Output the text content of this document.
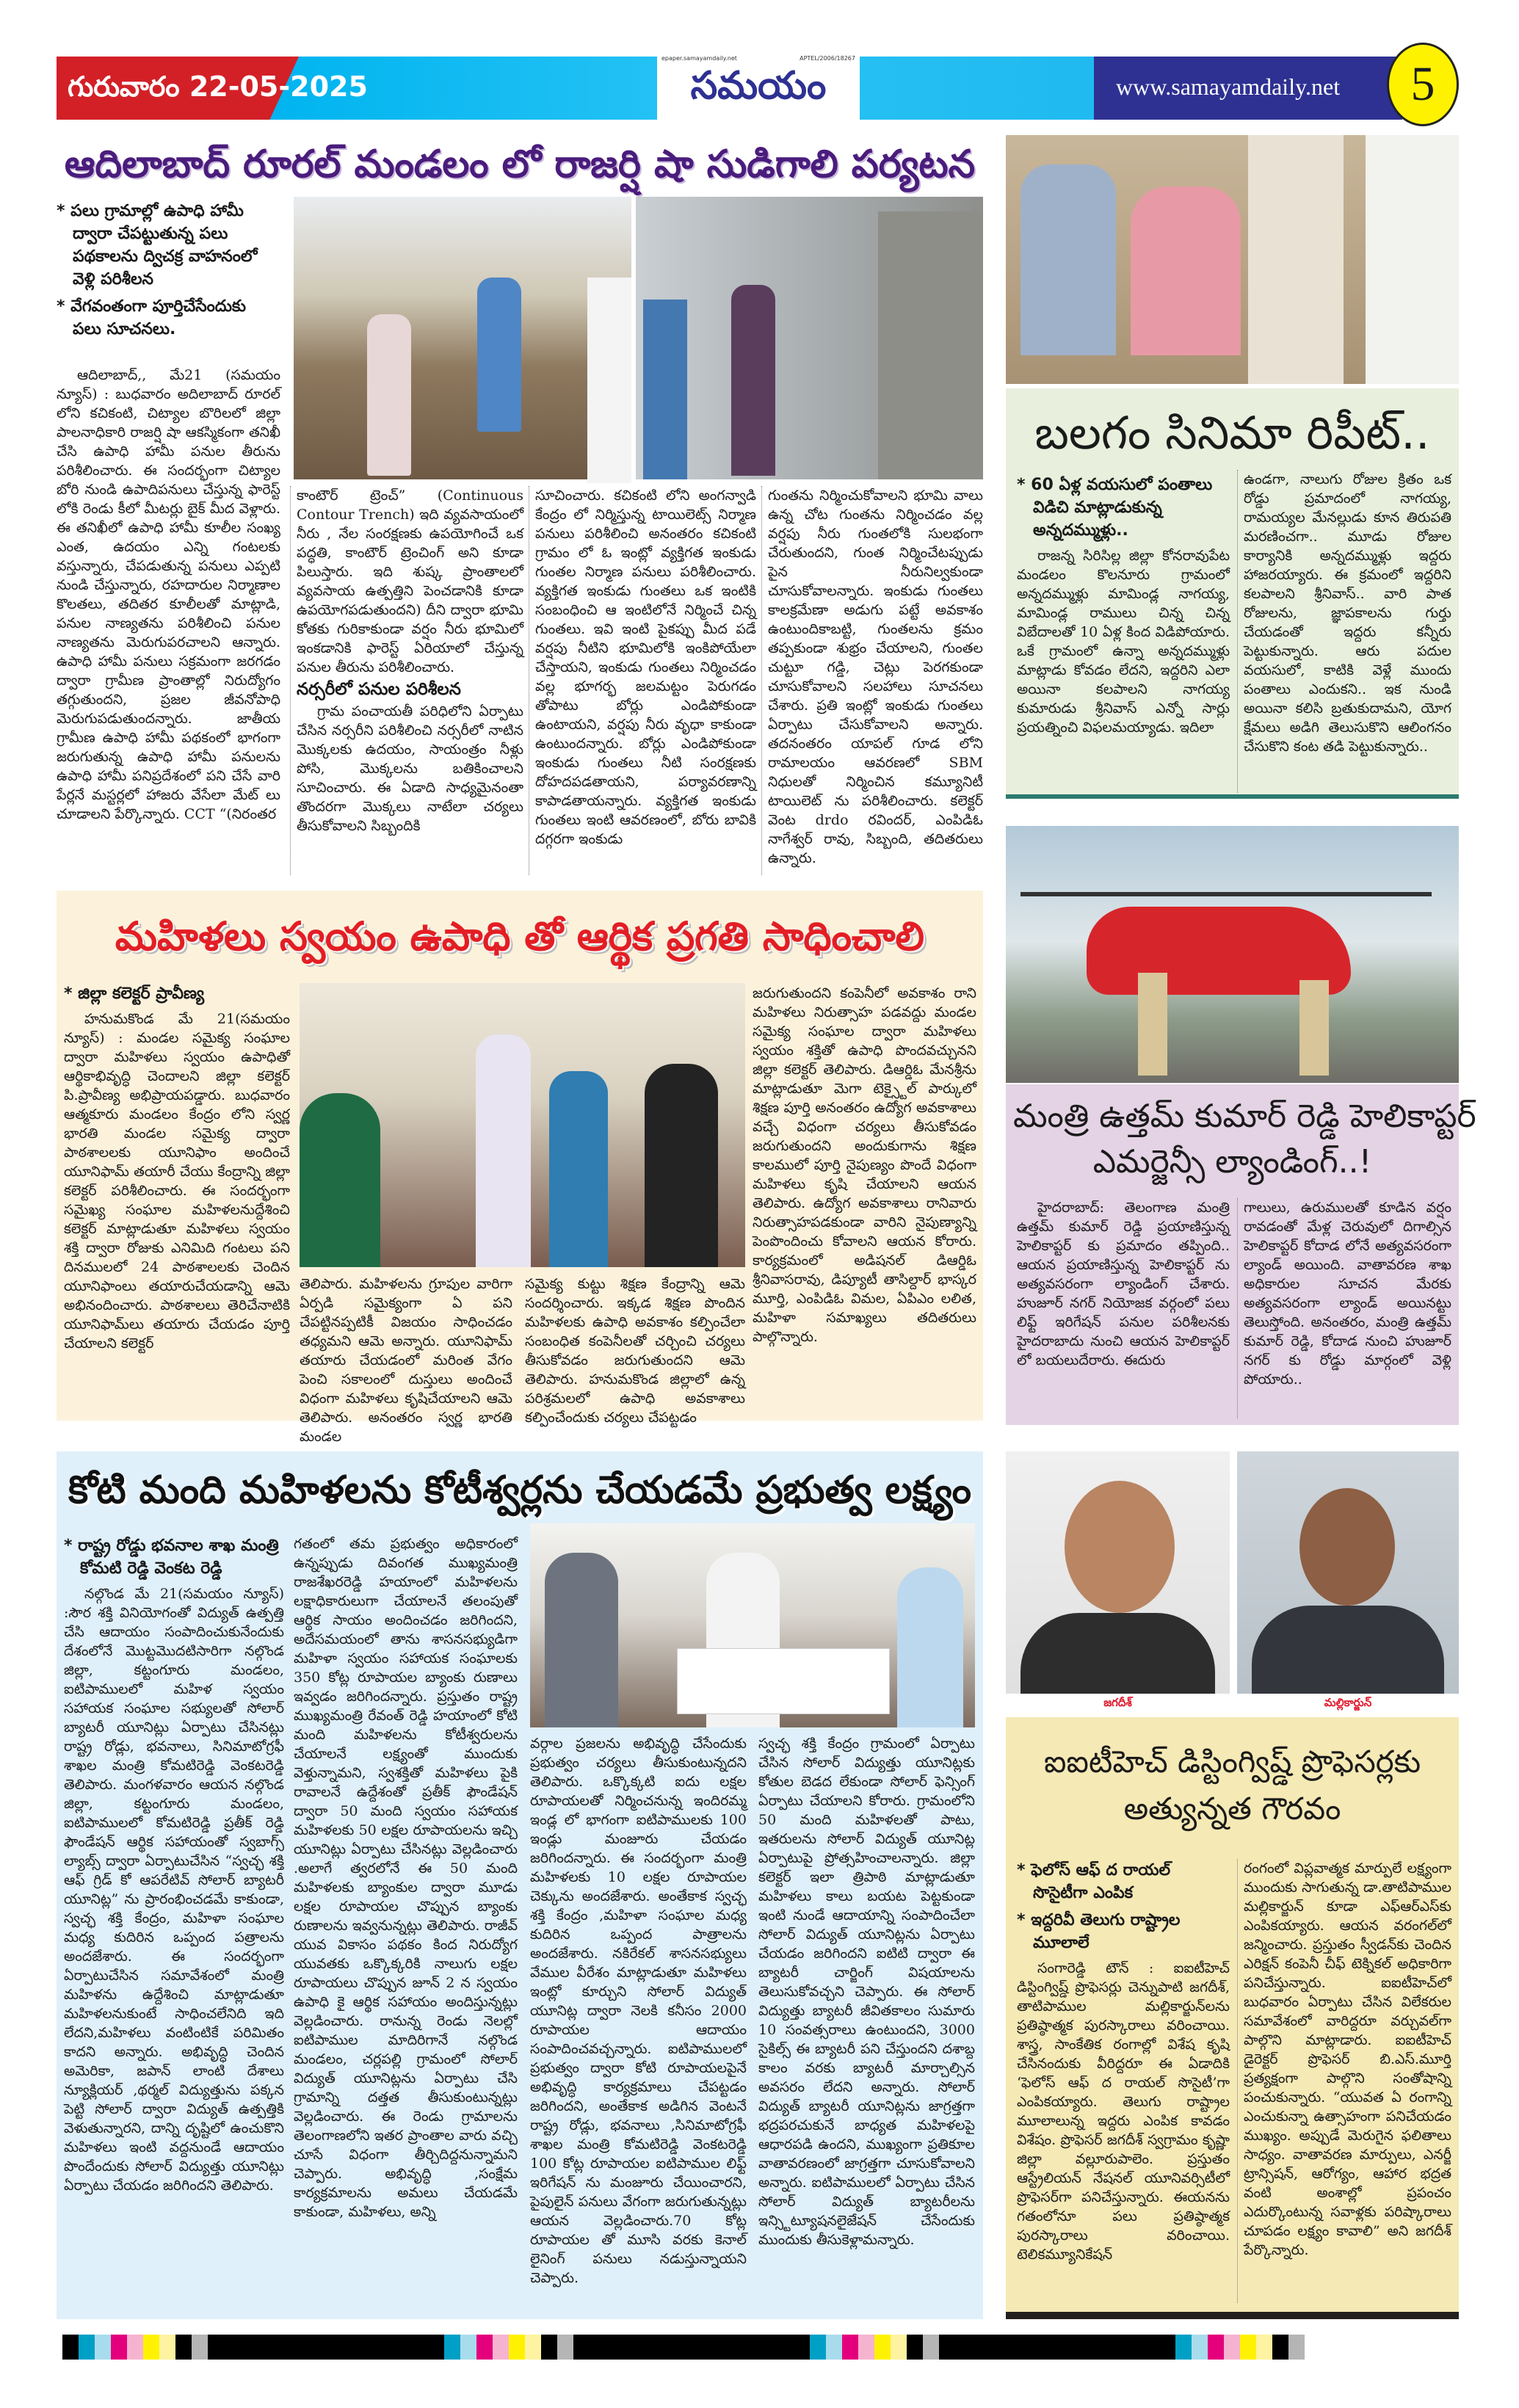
గురువారం 22-05-2025
epaper.samayamdaily.net	APTEL/2006/18267
సమయం	www.samayamdaily.net	5
ఆదిలాబాద్ రూరల్ మండలం లో రాజర్షి షా సుడిగాలి పర్యటన
* పలు గ్రామాల్లో ఉపాధి హామీ ద్వారా చేపట్టుతున్న పలు పథకాలను ద్విచక్ర వాహనంలో వెళ్లి పరిశీలన
* వేగవంతంగా పూర్తిచేసేందుకు పలు సూచనలు.
ఆదిలాబాద్,, మే21 (సమయం న్యూస్) : బుధవారం అదిలాబాద్ రూరల్ లోని కచికంటి, చిట్యాల బొరిలలో జిల్లా పాలనాధికారి రాజర్షి షా ఆకస్మికంగా తనిఖీ చేసి ఉపాధి హామీ పనుల తీరును పరిశీలించారు. ఈ సందర్భంగా చిట్యాల బోరి నుండి ఉపాదిపనులు చేస్తున్న ఫారెస్ట్ లోకి రెండు కీలో మీటర్లు బైక్ మీద వెళ్లారు. ఈ తనిఖీలో ఉపాధి హామీ కూలీల సంఖ్య ఎంత, ఉదయం ఎన్ని గంటలకు వస్తున్నారు, చేపడుతున్న పనులు ఎప్పటి నుండి చేస్తున్నారు, రహదారుల నిర్మాణాల కొలతలు, తదితర కూలీలతో మాట్లాడి, పనుల నాణ్యతను పరిశీలించి పనుల నాణ్యతను మెరుగుపరచాలని ఆన్నారు. ఉపాధి హామీ పనులు సక్రమంగా జరగడం ద్వారా గ్రామీణ ప్రాంతాల్లో నిరుద్యోగం తగ్గుతుందని, ప్రజల జీవనోపాధి మెరుగుపడుతుందన్నారు. జాతీయ గ్రామీణ ఉపాధి హామీ పథకంలో భాగంగా జరుగుతున్న ఉపాధి హామీ పనులను ఉపాధి హామీ పనిప్రదేశంలో పని చేసే వారి పేర్లనే మస్టర్లలో హాజరు వేసేలా మేట్ లు చూడాలని పేర్కొన్నారు. CCT “(నిరంతర
కాంటౌర్ ట్రెంచ్” (Continuous Contour Trench) ఇది వ్యవసాయంలో నీరు , నేల సంరక్షణకు ఉపయోగించే ఒక పద్ధతి, కాంటౌర్ ట్రెంచింగ్ అని కూడా పిలుస్తారు. ఇది శుష్క ప్రాంతాలలో వ్యవసాయ ఉత్పత్తిని పెంచడానికి కూడా ఉపయోగపడుతుందని) దీని ద్వారా భూమి కోతకు గురికాకుండా వర్షం నీరు భూమిలో ఇంకడానికి ఫారెస్ట్ ఏరియాలో చేస్తున్న పనుల తీరును పరిశీలించారు.
నర్సరీలో పనుల పరిశీలన
గ్రామ పంచాయతీ పరిధిలోని ఏర్పాటు చేసిన నర్సరీని పరిశీలించి నర్సరీలో నాటిన మొక్కలకు ఉదయం, సాయంత్రం నీళ్లు పోసి, మొక్కలను బతికించాలని సూచించారు. ఈ ఏడాది సాధ్యమైనంతా తొందరగా మొక్కలు నాటేలా చర్యలు తీసుకోవాలని సిబ్బందికి
సూచించారు. కచికంటి లోని అంగన్వాడి కేంద్రం లో నిర్మిస్తున్న టాయిలెట్స్ నిర్మాణ పనులు పరిశీలించి అనంతరం కచికంటి గ్రామం లో ఓ ఇంట్లో వ్యక్తిగత ఇంకుడు గుంతల నిర్మాణ పనులు పరిశీలించారు. వ్యక్తిగత ఇంకుడు గుంతలు ఒక ఇంటికి సంబంధించి ఆ ఇంటిలోనే నిర్మించే చిన్న గుంతలు. ఇవి ఇంటి పైకప్పు మీద పడే వర్షపు నీటిని భూమిలోకి ఇంకిపోయేలా చేస్తాయని, ఇంకుడు గుంతలు నిర్మించడం వల్ల భూగర్భ జలమట్టం పెరుగడం తోపాటు బోర్లు ఎండిపోకుండా ఉంటాయని, వర్షపు నీరు వృధా కాకుండా ఉంటుందన్నారు. బోర్లు ఎండిపోకుండా ఇంకుడు గుంతలు నీటి సంరక్షణకు దోహదపడతాయని, పర్యావరణాన్ని కాపాడతాయన్నారు. వ్యక్తిగత ఇంకుడు గుంతలు ఇంటి ఆవరణంలో, బోరు బావికి దగ్గరగా ఇంకుడు
గుంతను నిర్మించుకోవాలని భూమి వాలు ఉన్న చోట గుంతను నిర్మించడం వల్ల వర్షపు నీరు గుంతలోకి సులభంగా చేరుతుందని, గుంత నిర్మించేటప్పుడు పైన నీరునిల్వకుండా చూసుకోవాలన్నారు. ఇంకుడు గుంతలు కాలక్రమేణా అడుగు పట్టే అవకాశం ఉంటుందికాబట్టి, గుంతలను క్రమం తప్పకుండా శుభ్రం చేయాలని, గుంతల చుట్టూ గడ్డి, చెట్లు పెరగకుండా చూసుకోవాలని సలహాలు సూచనలు చేశారు. ప్రతి ఇంట్లో ఇంకుడు గుంతలు ఏర్పాటు చేసుకోవాలని అన్నారు. తదనంతరం యాపల్ గూడ లోని రామాలయం ఆవరణలో SBM నిధులతో నిర్మించిన కమ్యూనిటీ టాయిలెట్ ను పరిశీలించారు. కలెక్టర్ వెంట drdo రవిందర్, ఎంపిడిఓ నాగేశ్వర్ రావు, సిబ్బంది, తదితరులు ఉన్నారు.
బలగం సినిమా రిపీట్..
* 60 ఏళ్ల వయసులో పంతాలు విడిచి మాట్లాడుకున్న అన్నదమ్ముళ్లు..
రాజన్న సిరిసిల్ల జిల్లా కోనరావుపేట మండలం కొలనూరు గ్రామంలో అన్నదమ్ముళ్లు మామిండ్ల నాగయ్య, మామిండ్ల రాములు చిన్న చిన్న విబేదాలతో 10 ఏళ్ల కింద విడిపోయారు. ఒకే గ్రామంలో ఉన్నా అన్నదమ్ముళ్లు మాట్లాడు కోవడం లేదని, ఇద్దరిని ఎలా అయినా కలపాలని నాగయ్య కుమారుడు శ్రీనివాస్ ఎన్నో సార్లు ప్రయత్నించి విఫలమయ్యాడు. ఇదిలా
ఉండగా, నాలుగు రోజుల క్రితం ఒక రోడ్డు ప్రమాదంలో నాగయ్య, రామయ్యల మేనల్లుడు కూన తిరుపతి మరణించగా.. మూడు రోజుల కార్యానికి అన్నదమ్ముళ్లు ఇద్దరు హాజరయ్యారు. ఈ క్రమంలో ఇద్దరిని కలపాలని శ్రీనివాస్.. వారి పాత రోజులను, జ్ఞాపకాలను గుర్తు చేయడంతో ఇద్దరు కన్నీరు పెట్టుకున్నారు. ఆరు పదుల వయసులో, కాటికి వెళ్లే ముందు పంతాలు ఎందుకని.. ఇక నుండి అయినా కలిసి బ్రతుకుదామని, యోగ క్షేమలు అడిగి తెలుసుకొని ఆలింగనం చేసుకొని కంట తడి పెట్టుకున్నారు..
మంత్రి ఉత్తమ్ కుమార్ రెడ్డి హెలికాప్టర్
ఎమర్జెన్సీ ల్యాండింగ్..!
హైదరాబాద్: తెలంగాణ మంత్రి ఉత్తమ్ కుమార్ రెడ్డి ప్రయాణిస్తున్న హెలికాప్టర్ కు ప్రమాదం తప్పింది.. ఆయన ప్రయాణిస్తున్న హెలికాప్టర్ ను అత్యవసరంగా ల్యాండింగ్ చేశారు. హుజూర్ నగర్ నియోజక వర్గంలో పలు లిఫ్ట్ ఇరిగేషన్ పనుల పరిశీలనకు హైదరాబాదు నుంచి ఆయన హెలికాప్టర్ లో బయలుదేరారు. ఈదురు
గాలులు, ఉరుములతో కూడిన వర్షం రావడంతో మేళ్ల చెరువులో దిగాల్సిన హెలికాప్టర్ కోదాడ లోనే అత్యవసరంగా ల్యాండ్ అయింది. వాతావరణ శాఖ అధికారుల సూచన మేరకు అత్యవసరంగా ల్యాండ్ అయినట్టు తెలుస్తోంది. అనంతరం, మంత్రి ఉత్తమ్ కుమార్ రెడ్డి, కోదాడ నుంచి హుజూర్ నగర్ కు రోడ్డు మార్గంలో వెళ్లి పోయారు..
మహిళలు స్వయం ఉపాధి తో ఆర్థిక ప్రగతి సాధించాలి
* జిల్లా కలెక్టర్ ప్రావీణ్య
హనుమకొండ మే 21(సమయం న్యూస్) : మండల సమైక్య సంఘాల ద్వారా మహిళలు స్వయం ఉపాధితో ఆర్థికాభివృద్ధి చెందాలని జిల్లా కలెక్టర్ పి.ప్రావీణ్య అభిప్రాయపడ్డారు. బుధవారం ఆత్మకూరు మండలం కేంద్రం లోని స్వర్ణ భారతి మండల సమైక్య ద్వారా పాఠశాలలకు యూనిఫాం అందించే యూనిఫామ్ తయారీ చేయు కేంద్రాన్ని జిల్లా కలెక్టర్ పరిశీలించారు. ఈ సందర్భంగా సమైఖ్య సంఘాల మహిళలనుద్దేశించి కలెక్టర్ మాట్లాడుతూ మహిళలు స్వయం శక్తి ద్వారా రోజుకు ఎనిమిది గంటలు పని దినములలో 24 పాఠశాలలకు చెందిన యూనిఫాంలు తయారుచేయడాన్ని ఆమె అభినందించారు. పాఠశాలలు తెరిచేనాటికి యూనిఫామ్‌లు తయారు చేయడం పూర్తి చేయాలని కలెక్టర్
తెలిపారు. మహిళలను గ్రూపుల వారిగా ఏర్పడి సమైక్యంగా ఏ పని చేపట్టినప్పటికీ విజయం సాధించడం తధ్యమని ఆమె అన్నారు. యూనిఫామ్ తయారు చేయడంలో మరింత వేగం పెంచి సకాలంలో దుస్తులు అందించే విధంగా మహిళలు కృషిచేయాలని ఆమె తెలిపారు. అనంతరం స్వర్ణ భారతి మండల
సమైక్య కుట్టు శిక్షణ కేంద్రాన్ని ఆమె సందర్శించారు. ఇక్కడ శిక్షణ పొందిన మహిళలకు ఉపాధి అవకాశం కల్పించేలా సంబంధిత కంపెనీలతో చర్చించి చర్యలు తీసుకోవడం జరుగుతుందని ఆమె తెలిపారు. హనుమకొండ జిల్లాలో ఉన్న పరిశ్రమలలో ఉపాధి అవకాశాలు కల్పించేందుకు చర్యలు చేపట్టడం
జరుగుతుందని కంపెనీలో అవకాశం రాని మహిళలు నిరుత్సాహ పడవద్దు మండల సమైక్య సంఘాల ద్వారా మహిళలు స్వయం శక్తితో ఉపాధి పొందవచ్చునని జిల్లా కలెక్టర్ తెలిపారు. డిఆర్డిఓ మేనశ్రీను మాట్లాడుతూ మెగా టెక్స్టైల్ పార్కులో శిక్షణ పూర్తి అనంతరం ఉద్యోగ అవకాశాలు వచ్చే విధంగా చర్యలు తీసుకోవడం జరుగుతుందని అందుకుగాను శిక్షణ కాలములో పూర్తి నైపుణ్యం పొందే విధంగా మహిళలు కృషి చేయాలని ఆయన తెలిపారు. ఉద్యోగ అవకాశాలు రానివారు నిరుత్సాహపడకుండా వారిని నైపుణ్యాన్ని పెంపొందించు కోవాలని ఆయన కోరారు. కార్యక్రమంలో అడిషనల్ డిఆర్డిఓ శ్రీనివాసరావు, డిప్యూటీ తాసిల్దార్ భాస్కర మూర్తి, ఎంపిడిఓ విమల, ఏపిఎం లలిత, మహిళా సమాఖ్యలు తదితరులు పాల్గొన్నారు.
కోటి మంది మహిళలను కోటీశ్వర్లను చేయడమే ప్రభుత్వ లక్ష్యం
* రాష్ట్ర రోడ్డు భవనాల శాఖ మంత్రి కోమటి రెడ్డి వెంకట రెడ్డి
నల్గొండ మే 21(సమయం న్యూస్) :సౌర శక్తి వినియోగంతో విద్యుత్ ఉత్పత్తి చేసి ఆదాయం సంపాదించుకునేందుకు దేశంలోనే మొట్టమొదటిసారిగా నల్గొండ జిల్లా, కట్టంగూరు మండలం, ఐటిపాములలో మహిళ స్వయం సహాయక సంఘాల సభ్యులతో సోలార్ బ్యాటరీ యూనిట్లు ఏర్పాటు చేసినట్లు రాష్ట్ర రోడ్లు, భవనాలు, సినిమాటోగ్రఫీ శాఖల మంత్రి కోమటిరెడ్డి వెంకటరెడ్డి తెలిపారు. మంగళవారం ఆయన నల్గొండ జిల్లా, కట్టంగూరు మండలం, ఐటిపాములలో కోమటిరెడ్డి ప్రతీక్ రెడ్డి ఫౌండేషన్ ఆర్థిక సహాయంతో స్వబాగ్స్ ల్యాబ్స్ ద్వారా ఏర్పాటుచేసిన “స్వచ్ఛ శక్తి ఆఫ్ గ్రిడ్ కో ఆపరేటివ్ సోలార్ బ్యాటరీ యూనిట్ల” ను ప్రారంభించడమే కాకుండా, స్వచ్ఛ శక్తి కేంద్రం, మహిళా సంఘాల మధ్య కుదిరిన ఒప్పంద పత్రాలను అందజేశారు. ఈ సందర్భంగా ఏర్పాటుచేసిన సమావేశంలో మంత్రి మహిళను ఉద్దేశించి మాట్లాడుతూ మహిళలనుకుంటే సాధించలేనిది ఇది లేదని,మహిళలు వంటింటికే పరిమితం కాదని అన్నారు. అభివృద్ధి చెందిన అమెరికా, జపాన్ లాంటి దేశాలు న్యూక్లియర్ ,థర్మల్ విద్యుత్తును పక్కన పెట్టి సోలార్ ద్వారా విద్యుత్ ఉత్పత్తికి వెళుతున్నారని, దాన్ని దృష్టిలో ఉంచుకొని మహిళలు ఇంటి వద్దనుండే ఆదాయం పొందేందుకు సోలార్ విద్యుత్తు యూనిట్లు ఏర్పాటు చేయడం జరిగిందని తెలిపారు.
గతంలో తమ ప్రభుత్వం అధికారంలో ఉన్నప్పుడు దివంగత ముఖ్యమంత్రి రాజశేఖరరెడ్డి హయాంలో మహిళలను లక్షాధికారులుగా చేయాలనే తలంపుతో ఆర్థిక సాయం అందించడం జరిగిందని, అదేసమయంలో తాను శాసనసభ్యుడిగా మహిళా స్వయం సహాయక సంఘాలకు 350 కోట్ల రూపాయల బ్యాంకు రుణాలు ఇవ్వడం జరిగిందన్నారు. ప్రస్తుతం రాష్ట్ర ముఖ్యమంత్రి రేవంత్ రెడ్డి హయాంలో కోటి మంది మహిళలను కోటీశ్వరులను చేయాలనే లక్ష్యంతో ముందుకు వెళ్తున్నామని, స్వశక్తితో మహిళలు పైకి రావాలనే ఉద్దేశంతో ప్రతీక్ ఫౌండేషన్ ద్వారా 50 మంది స్వయం సహాయక మహిళలకు 50 లక్షల రూపాయలను ఇచ్చి యూనిట్లు ఏర్పాటు చేసినట్లు వెల్లడించారు .అలాగే త్వరలోనే ఈ 50 మంది మహిళలకు బ్యాంకుల ద్వారా మూడు లక్షల రూపాయల చొప్పున బ్యాంకు రుణాలను ఇవ్వనున్నట్లు తెలిపారు. రాజీవ్ యువ వికాసం పథకం కింద నిరుద్యోగ యువతకు ఒక్కొక్కరికి నాలుగు లక్షల రూపాయలు చొప్పున జూన్ 2 న స్వయం ఉపాధి కై ఆర్థిక సహాయం అందిస్తున్నట్లు వెల్లడించారు. రానున్న రెండు నెలల్లో ఐటిపాముల మాదిరిగానే నల్గొండ మండలం, చర్లపల్లి గ్రామంలో సోలార్ విద్యుత్ యూనిట్లను ఏర్పాటు చేసి గ్రామాన్ని దత్తత తీసుకుంటున్నట్లు వెల్లడించారు. ఈ రెండు గ్రామాలను తెలంగాణలోని ఇతర ప్రాంతాల వారు వచ్చి చూసే విధంగా తీర్చిదిద్దనున్నామని చెప్పారు. అభివృద్ధి ,సంక్షేమ కార్యక్రమాలను అమలు చేయడమే కాకుండా, మహిళలు, అన్ని
వర్గాల ప్రజలను అభివృద్ధి చేసేందుకు ప్రభుత్వం చర్యలు తీసుకుంటున్నదని తెలిపారు. ఒక్కొక్కటి ఐదు లక్షల రూపాయలతో నిర్మించనున్న ఇందిరమ్మ ఇండ్ల లో భాగంగా ఐటిపాములకు 100 ఇండ్లు మంజూరు చేయడం జరిగిందన్నారు. ఈ సందర్భంగా మంత్రి మహిళలకు 10 లక్షల రూపాయల చెక్కును అందజేశారు. అంతేకాక స్వచ్ఛ శక్తి కేంద్రం ,మహిళా సంఘాల మధ్య కుదిరిన ఒప్పంద పాత్రాలను అందజేశారు. నకిరేకల్ శాసనసభ్యులు వేముల వీరేశం మాట్లాడుతూ మహిళలు ఇంట్లో కూర్చుని సోలార్ విద్యుత్ యూనిట్ల ద్వారా నెలకి కనీసం 2000 రూపాయల ఆదాయం సంపాదించవచ్చన్నారు. ఐటిపాములలో ప్రభుత్వం ద్వారా కోటి రూపాయలపైనే అభివృద్ధి కార్యక్రమాలు చేపట్టడం జరిగిందని, అంతేకాక అడిగిన వెంటనే రాష్ట్ర రోడ్లు, భవనాలు ,సినిమాటోగ్రఫీ శాఖల మంత్రి కోమటిరెడ్డి వెంకటరెడ్డి 100 కోట్ల రూపాయల ఐటిపాముల లిఫ్ట్ ఇరిగేషన్ ను మంజూరు చేయించారని, పైపులైన్ పనులు వేగంగా జరుగుతున్నట్లు ఆయన వెల్లడించారు.70 కోట్ల రూపాయల తో మూసి వరకు కెనాల్ లైనింగ్ పనులు నడుస్తున్నాయని చెప్పారు.
స్వచ్ఛ శక్తి కేంద్రం గ్రామంలో ఏర్పాటు చేసిన సోలార్ విద్యుత్తు యూనిట్లకు కోతుల బెడద లేకుండా సోలార్ ఫెన్సింగ్ ఏర్పాటు చేయాలని కోరారు. గ్రామంలోని 50 మంది మహిళలతో పాటు, ఇతరులను సోలార్ విద్యుత్ యూనిట్ల ఏర్పాటుపై ప్రోత్సహించాలన్నారు. జిల్లా కలెక్టర్ ఇలా త్రిపాఠి మాట్లాడుతూ మహిళలు కాలు బయట పెట్టకుండా ఇంటి నుండే ఆదాయాన్ని సంపాదించేలా సోలార్ విద్యుత్ యూనిట్లను ఏర్పాటు చేయడం జరిగిందని ఐటిటి ద్వారా ఈ బ్యాటరీ చార్జింగ్ విషయాలను తెలుసుకోవచ్చని చెప్పారు. ఈ సోలార్ విద్యుత్తు బ్యాటరీ జీవితకాలం సుమారు 10 సంవత్సరాలు ఉంటుందని, 3000 సైకిల్స్ ఈ బ్యాటరీ పని చేస్తుందని దశాబ్ద కాలం వరకు బ్యాటరీ మార్చాల్సిన అవసరం లేదని అన్నారు. సోలార్ విద్యుత్ బ్యాటరీ యూనిట్లను జాగ్రత్తగా భద్రపరచుకునే బాధ్యత మహిళలపై ఆధారపడి ఉందని, ముఖ్యంగా ప్రతికూల వాతావరణంలో జాగ్రత్తగా చూసుకోవాలని అన్నారు. ఐటిపాములలో ఏర్పాటు చేసిన సోలార్ విద్యుత్ బ్యాటరీలను ఇన్స్టిట్యూషనలైజేషన్ చేసేందుకు ముందుకు తీసుకెళ్లామన్నారు.
జగదీశ్	మల్లికార్జున్
ఐఐటీహెచ్ డిస్టింగ్విష్డ్ ప్రొఫెసర్లకు
అత్యున్నత గౌరవం
* ఫెలోస్ ఆఫ్ ద రాయల్ సొసైటీగా ఎంపిక
* ఇద్దరివీ తెలుగు రాష్ట్రాల మూలాలే
సంగారెడ్డి టౌన్ : ఐఐటీహెచ్ డిస్టింగ్విష్డ్ ప్రొఫెసర్లు చెన్నుపాటి జగదీశ్, తాటిపాముల మల్లికార్జున్‌లను ప్రతిష్ఠాత్మక పురస్కారాలు వరించాయి. శాస్త్ర, సాంకేతిక రంగాల్లో విశేష కృషి చేసినందుకు వీరిద్దరూ ఈ ఏడాదికి ‘ఫెలోస్ ఆఫ్ ద రాయల్ సొసైటీ’గా ఎంపికయ్యారు. తెలుగు రాష్ట్రాల మూలాలున్న ఇద్దరు ఎంపిక కావడం విశేషం. ప్రొఫెసర్ జగదీశ్ స్వగ్రామం కృష్ణా జిల్లా వల్లూరుపాలెం. ప్రస్తుతం ఆస్ట్రేలియన్ నేషనల్ యూనివర్సిటీలో ప్రొఫెసర్‌గా పనిచేస్తున్నారు. ఈయనను గతంలోనూ పలు ప్రతిష్ఠాత్మక పురస్కారాలు వరించాయి. టెలికమ్యూనికేషన్
రంగంలో విప్లవాత్మక మార్పులే లక్ష్యంగా ముందుకు సాగుతున్న డా.తాటిపాముల మల్లికార్జున్ కూడా ఎఫ్‌ఆర్‌ఎస్‌కు ఎంపికయ్యారు. ఆయన వరంగల్‌లో జన్మించారు. ప్రస్తుతం స్వీడన్‌కు చెందిన ఎరిక్షన్ కంపెనీ చీఫ్ టెక్నికల్ అధికారిగా పనిచేస్తున్నారు. ఐఐటీహెచ్‌లో బుధవారం ఏర్పాటు చేసిన విలేకరుల సమావేశంలో వారిద్దరూ వర్చువల్‌గా పాల్గొని మాట్లాడారు. ఐఐటీహెచ్ డైరెక్టర్ ప్రొఫెసర్ బి.ఎస్.మూర్తి ప్రత్యక్షంగా పాల్గొని సంతోషాన్ని పంచుకున్నారు. “యువత ఏ రంగాన్ని ఎంచుకున్నా ఉత్సాహంగా పనిచేయడం ముఖ్యం. అప్పుడే మెరుగైన ఫలితాలు సాధ్యం. వాతావరణ మార్పులు, ఎనర్జీ ట్రాన్సిషన్, ఆరోగ్యం, ఆహార భద్రత వంటి అంశాల్లో ప్రపంచం ఎదుర్కొంటున్న సవాళ్లకు పరిష్కారాలు చూపడం లక్ష్యం కావాలి” అని జగదీశ్ పేర్కొన్నారు.
